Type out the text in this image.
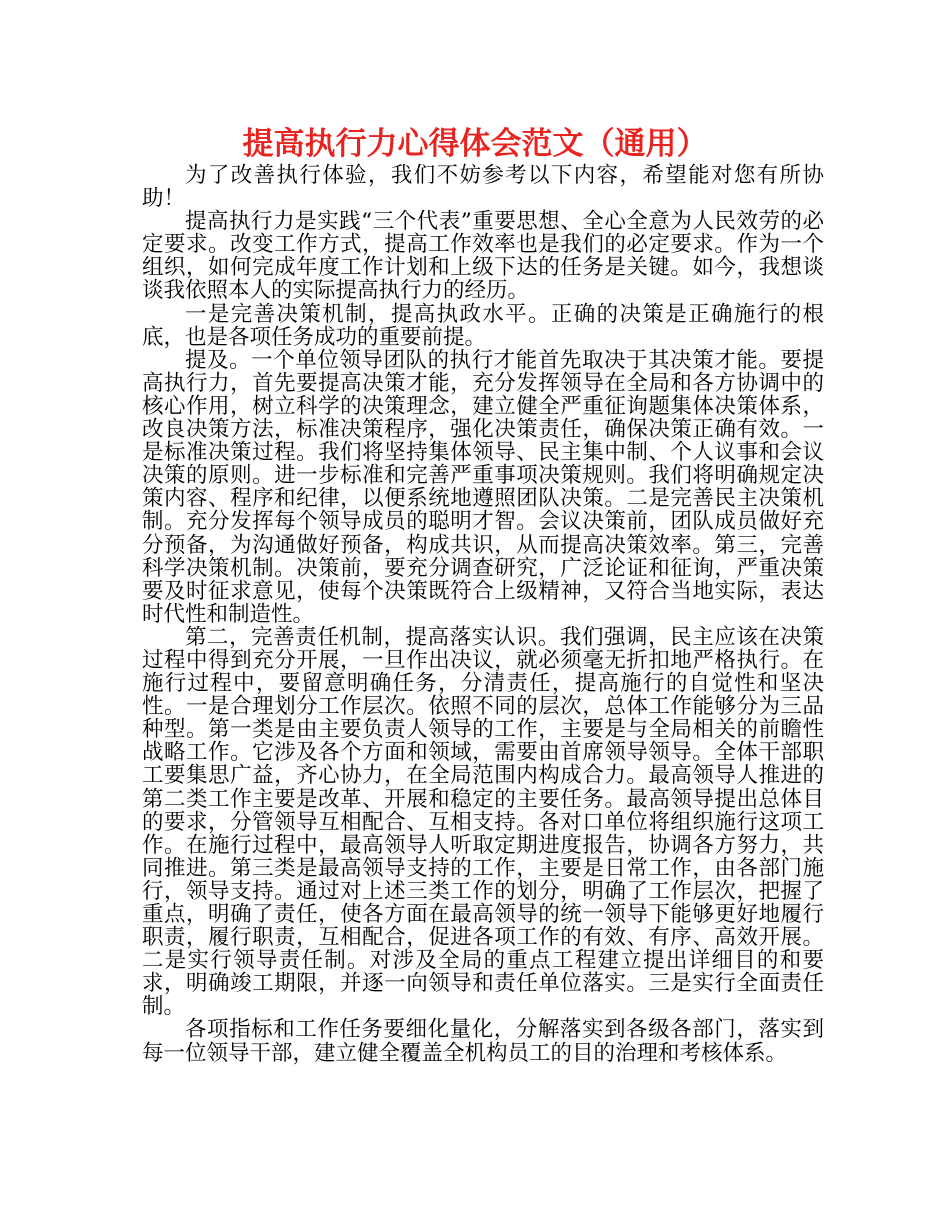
提高执行力心得体会范文（通用）

为了改善执行体验，我们不妨参考以下内容，希望能对您有所协助！

提高执行力是实践“三个代表”重要思想、全心全意为人民效劳的必定要求。改变工作方式，提高工作效率也是我们的必定要求。作为一个组织，如何完成年度工作计划和上级下达的任务是关键。如今，我想谈谈我依照本人的实际提高执行力的经历。

一是完善决策机制，提高执政水平。正确的决策是正确施行的根底，也是各项任务成功的重要前提。

提及。一个单位领导团队的执行才能首先取决于其决策才能。要提高执行力，首先要提高决策才能，充分发挥领导在全局和各方协调中的核心作用，树立科学的决策理念，建立健全严重征询题集体决策体系，改良决策方法，标准决策程序，强化决策责任，确保决策正确有效。一是标准决策过程。我们将坚持集体领导、民主集中制、个人议事和会议决策的原则。进一步标准和完善严重事项决策规则。我们将明确规定决策内容、程序和纪律，以便系统地遵照团队决策。二是完善民主决策机制。充分发挥每个领导成员的聪明才智。会议决策前，团队成员做好充分预备，为沟通做好预备，构成共识，从而提高决策效率。第三，完善科学决策机制。决策前，要充分调查研究，广泛论证和征询，严重决策要及时征求意见，使每个决策既符合上级精神，又符合当地实际，表达时代性和制造性。

第二，完善责任机制，提高落实认识。我们强调，民主应该在决策过程中得到充分开展，一旦作出决议，就必须毫无折扣地严格执行。在施行过程中，要留意明确任务，分清责任，提高施行的自觉性和坚决性。一是合理划分工作层次。依照不同的层次，总体工作能够分为三品种型。第一类是由主要负责人领导的工作，主要是与全局相关的前瞻性战略工作。它涉及各个方面和领域，需要由首席领导领导。全体干部职工要集思广益，齐心协力，在全局范围内构成合力。最高领导人推进的第二类工作主要是改革、开展和稳定的主要任务。最高领导提出总体目的要求，分管领导互相配合、互相支持。各对口单位将组织施行这项工作。在施行过程中，最高领导人听取定期进度报告，协调各方努力，共同推进。第三类是最高领导支持的工作，主要是日常工作，由各部门施行，领导支持。通过对上述三类工作的划分，明确了工作层次，把握了重点，明确了责任，使各方面在最高领导的统一领导下能够更好地履行职责，履行职责，互相配合，促进各项工作的有效、有序、高效开展。二是实行领导责任制。对涉及全局的重点工程建立提出详细目的和要求，明确竣工期限，并逐一向领导和责任单位落实。三是实行全面责任制。

各项指标和工作任务要细化量化，分解落实到各级各部门，落实到每一位领导干部，建立健全覆盖全机构员工的目的治理和考核体系。
